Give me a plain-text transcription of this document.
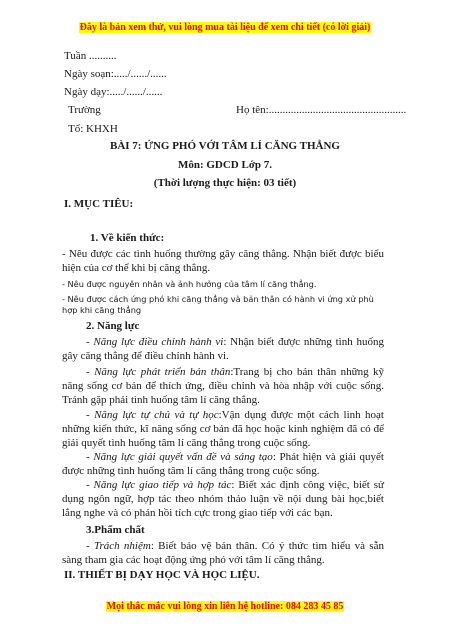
Đây là bản xem thử, vui lòng mua tài liệu để xem chi tiết (có lời giải)
Tuần ..........
Ngày soạn:...../....../......
Ngày dạy:...../....../......
Trường	Họ tên:..................................................
Tổ: KHXH
BÀI 7: ỨNG PHÓ VỚI TÂM LÍ CĂNG THẲNG
Môn: GDCD Lớp 7.
(Thời lượng thực hiện: 03 tiết)
I. MỤC TIÊU:
1. Về kiến thức:
- Nêu được các tình huống thường gây căng thẳng. Nhận biết được biểu hiện của cơ thể khi bị căng thẳng.
- Nêu được nguyên nhân và ảnh hưởng của tâm lí căng thẳng.
- Nêu được cách ứng phó khi căng thẳng và bản thân có hành vi ứng xử phù hợp khi căng thẳng
2. Năng lực
- Năng lực điều chỉnh hành vi: Nhận biết được những tình huống gây căng thẳng để điều chỉnh hành vi.
- Năng lực phát triển bản thân:Trang bị cho bản thân những kỹ năng sống cơ bản để thích ứng, điều chỉnh và hòa nhập với cuộc sống. Tránh gặp phải tình huống tâm lí căng thẳng.
- Năng lực tự chủ và tự học:Vận dụng được một cách linh hoạt những kiến thức, kĩ năng sống cơ bản đã học hoặc kinh nghiệm đã có để giải quyết tình huống tâm lí căng thẳng trong cuộc sống.
- Năng lực giải quyết vấn đề và sáng tạo: Phát hiện và giải quyết được những tình huống tâm lí căng thẳng trong cuộc sống.
- Năng lực giao tiếp và hợp tác: Biết xác định công việc, biết sử dụng ngôn ngữ, hợp tác theo nhóm thảo luận về nội dung bài học,biết lắng nghe và có phản hồi tích cực trong giao tiếp với các bạn.
3.Phẩm chất
- Trách nhiệm: Biết bảo vệ bản thân. Có ý thức tìm hiểu và sẵn sàng tham gia các hoạt động ứng phó với tâm lí căng thẳng.
II. THIẾT BỊ DẠY HỌC VÀ HỌC LIỆU.
Mọi thắc mắc vui lòng xin liên hệ hotline: 084 283 45 85
